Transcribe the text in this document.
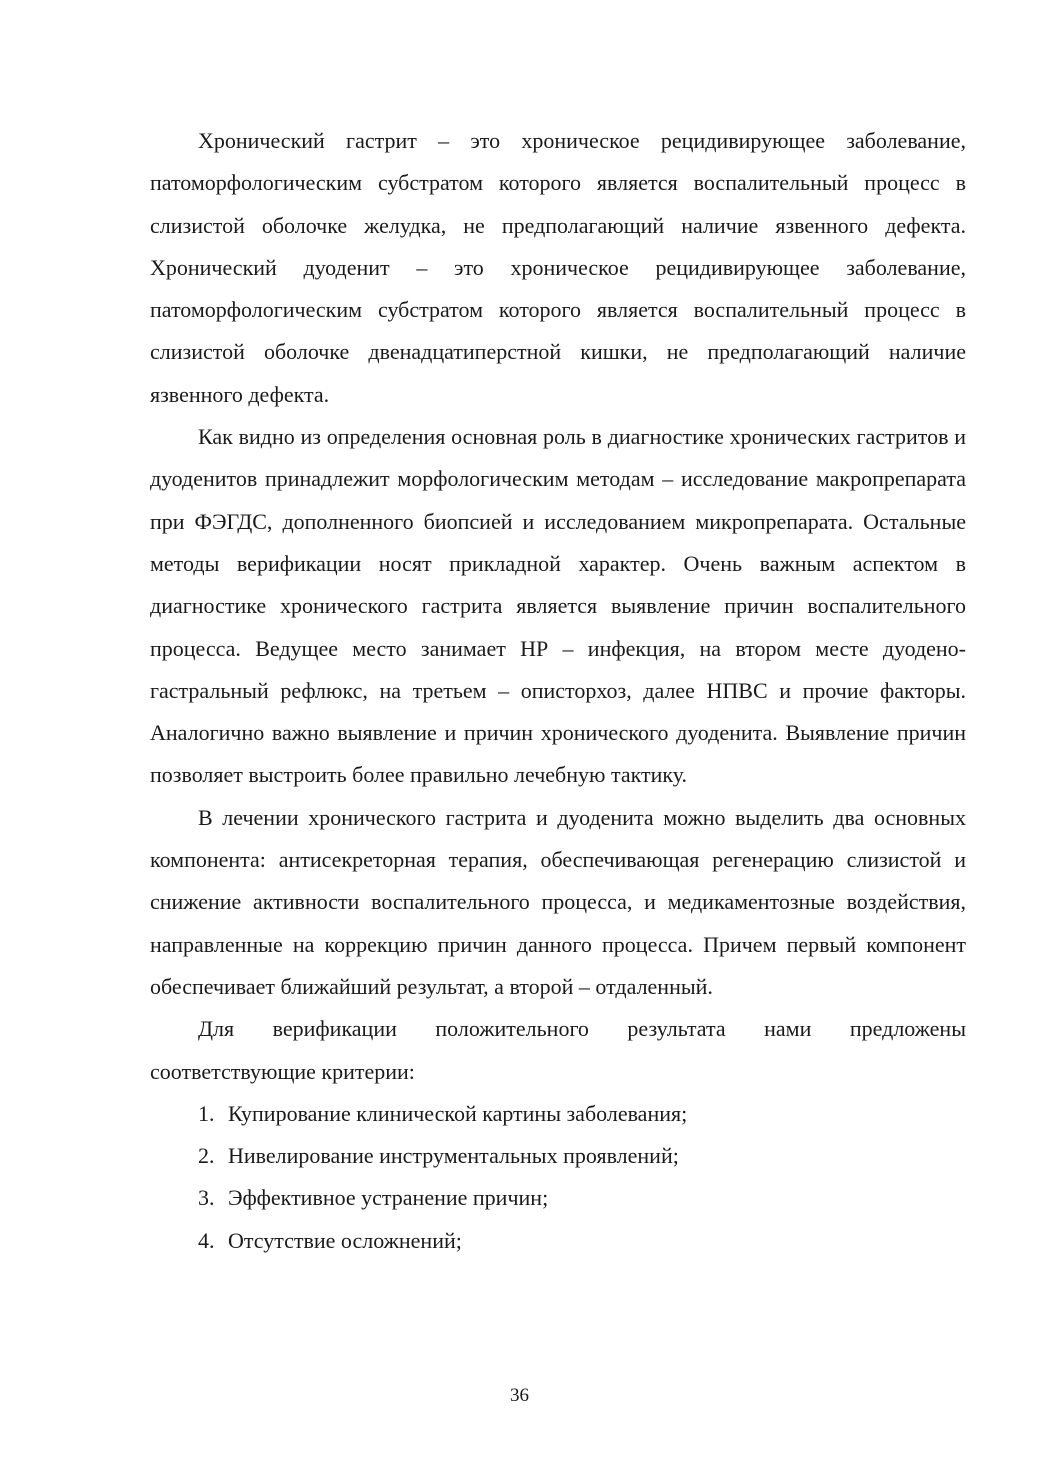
Хронический гастрит – это хроническое рецидивирующее заболевание, патоморфологическим субстратом которого является воспалительный процесс в слизистой оболочке желудка, не предполагающий наличие язвенного дефекта. Хронический дуоденит – это хроническое рецидивирующее заболевание, патоморфологическим субстратом которого является воспалительный процесс в слизистой оболочке двенадцатиперстной кишки, не предполагающий наличие язвенного дефекта.

Как видно из определения основная роль в диагностике хронических гастритов и дуоденитов принадлежит морфологическим методам – исследование макропрепарата при ФЭГДС, дополненного биопсией и исследованием микропрепарата. Остальные методы верификации носят прикладной характер. Очень важным аспектом в диагностике хронического гастрита является выявление причин воспалительного процесса. Ведущее место занимает НР – инфекция, на втором месте дуодено-гастральный рефлюкс, на третьем – описторхоз, далее НПВС и прочие факторы. Аналогично важно выявление и причин хронического дуоденита. Выявление причин позволяет выстроить более правильно лечебную тактику.

В лечении хронического гастрита и дуоденита можно выделить два основных компонента: антисекреторная терапия, обеспечивающая регенерацию слизистой и снижение активности воспалительного процесса, и медикаментозные воздействия, направленные на коррекцию причин данного процесса. Причем первый компонент обеспечивает ближайший результат, а второй – отдаленный.

Для верификации положительного результата нами предложены соответствующие критерии:

1. Купирование клинической картины заболевания;
2. Нивелирование инструментальных проявлений;
3. Эффективное устранение причин;
4. Отсутствие осложнений;
36
